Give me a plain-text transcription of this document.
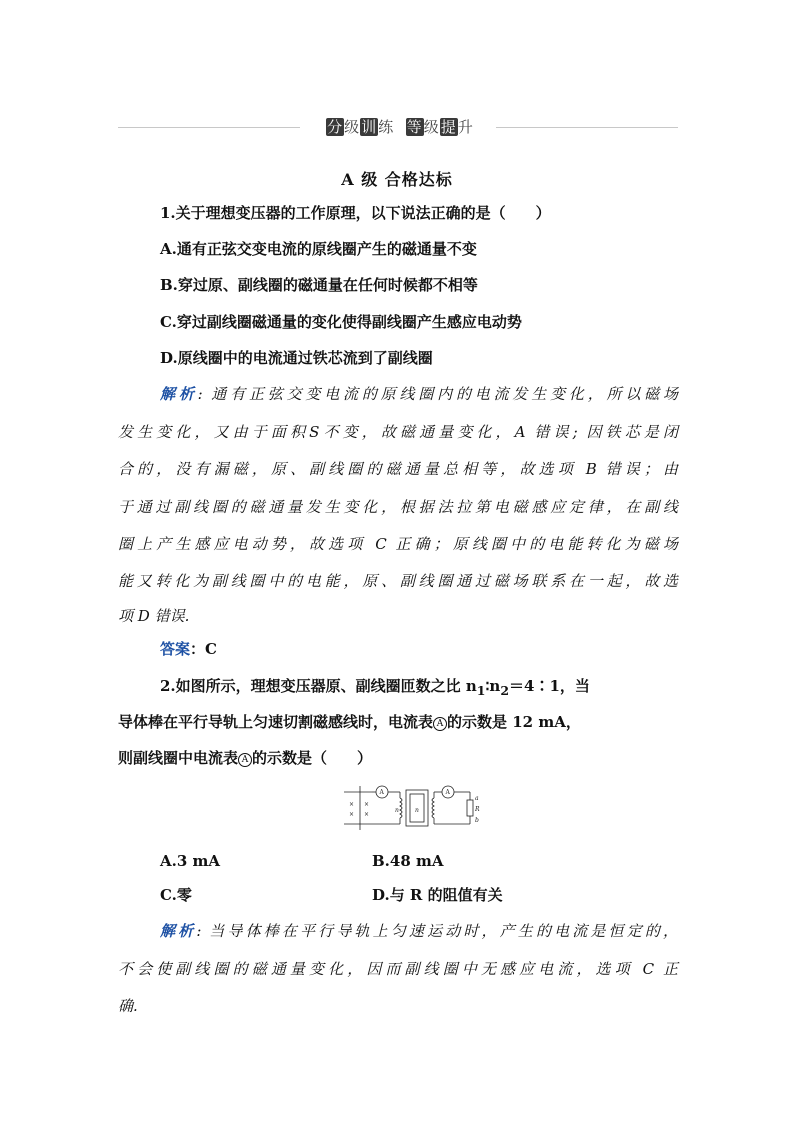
分级训练 等级提升
A 级 合格达标
1.关于理想变压器的工作原理，以下说法正确的是（　　）
A.通有正弦交变电流的原线圈产生的磁通量不变
B.穿过原、副线圈的磁通量在任何时候都不相等
C.穿过副线圈磁通量的变化使得副线圈产生感应电动势
D.原线圈中的电流通过铁芯流到了副线圈
解析: 通有正弦交变电流的原线圈内的电流发生变化，所以磁场
发生变化，又由于面积S不变，故磁通量变化，A 错误; 因铁芯是闭
合的，没有漏磁，原、副线圈的磁通量总相等，故选项 B 错误；由
于通过副线圈的磁通量发生变化，根据法拉第电磁感应定律，在副线
圈上产生感应电动势，故选项 C 正确；原线圈中的电能转化为磁场
能又转化为副线圈中的电能，原、副线圈通过磁场联系在一起，故选
项 D 错误.
答案：C
2.如图所示，理想变压器原、副线圈匝数之比 $n_1∶n_2=4∶1$，当
导体棒在平行导轨上匀速切割磁感线时，电流表 A 的示数是 12 mA，
则副线圈中电流表 A 的示数是（　　）
A	A
× ×
× ×
n	n
a
R
b
A.3 mA	B.48 mA
C.零	D.与 R 的阻值有关
解析: 当导体棒在平行导轨上匀速运动时，产生的电流是恒定的，
不会使副线圈的磁通量变化，因而副线圈中无感应电流，选项 C 正
确.
